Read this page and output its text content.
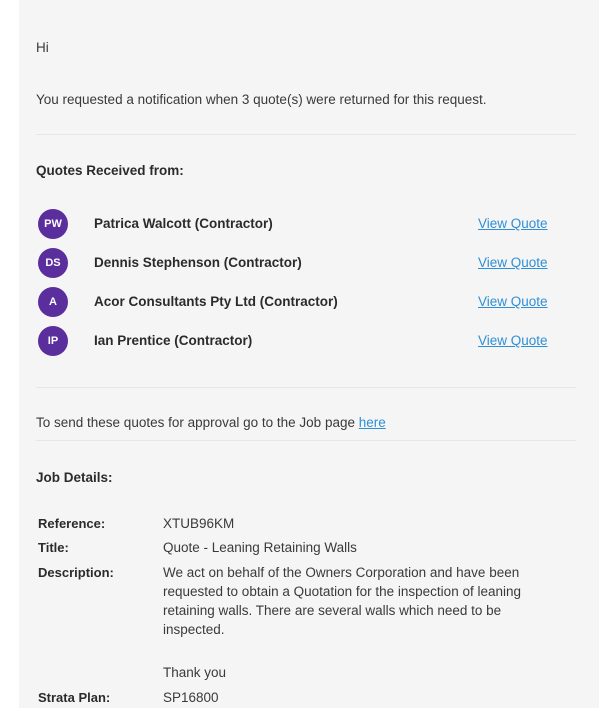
Hi
You requested a notification when 3 quote(s) were returned for this request.
Quotes Received from:
PW	Patrica Walcott (Contractor)	View Quote
DS	Dennis Stephenson (Contractor)	View Quote
A	Acor Consultants Pty Ltd (Contractor)	View Quote
IP	Ian Prentice (Contractor)	View Quote
To send these quotes for approval go to the Job page here
Job Details:
Reference:	XTUB96KM
Title:	Quote - Leaning Retaining Walls
Description:	We act on behalf of the Owners Corporation and have been requested to obtain a Quotation for the inspection of leaning retaining walls. There are several walls which need to be inspected.
Thank you
Strata Plan:	SP16800
